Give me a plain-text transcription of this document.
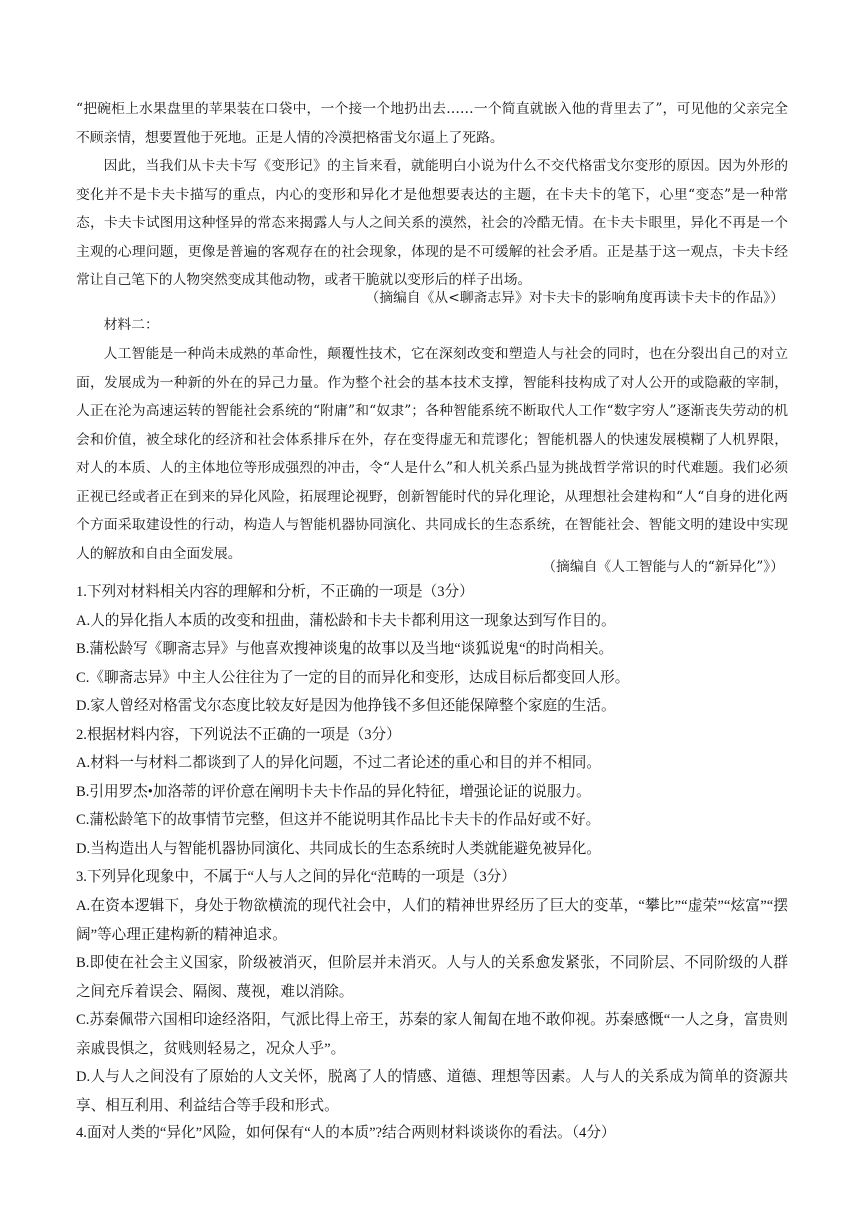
“把碗柜上水果盘里的苹果装在口袋中，一个接一个地扔出去……一个简直就嵌入他的背里去了”，可见他的父亲完全不顾亲情，想要置他于死地。正是人情的冷漠把格雷戈尔逼上了死路。

因此，当我们从卡夫卡写《变形记》的主旨来看，就能明白小说为什么不交代格雷戈尔变形的原因。因为外形的变化并不是卡夫卡描写的重点，内心的变形和异化才是他想要表达的主题，在卡夫卡的笔下，心里“变态”是一种常态，卡夫卡试图用这种怪异的常态来揭露人与人之间关系的漠然，社会的冷酷无情。在卡夫卡眼里，异化不再是一个主观的心理问题，更像是普遍的客观存在的社会现象，体现的是不可缓解的社会矛盾。正是基于这一观点，卡夫卡经常让自己笔下的人物突然变成其他动物，或者干脆就以变形后的样子出场。

（摘编自《从<聊斋志异》对卡夫卡的影响角度再读卡夫卡的作品》）

材料二：

人工智能是一种尚未成熟的革命性，颠覆性技术，它在深刻改变和塑造人与社会的同时，也在分裂出自己的对立面，发展成为一种新的外在的异己力量。作为整个社会的基本技术支撑，智能科技构成了对人公开的或隐蔽的宰制，人正在沦为高速运转的智能社会系统的“附庸”和“奴隶”；各种智能系统不断取代人工作“数字穷人”逐渐丧失劳动的机会和价值，被全球化的经济和社会体系排斥在外，存在变得虚无和荒谬化；智能机器人的快速发展模糊了人机界限，对人的本质、人的主体地位等形成强烈的冲击，令“人是什么”和人机关系凸显为挑战哲学常识的时代难题。我们必须正视已经或者正在到来的异化风险，拓展理论视野，创新智能时代的异化理论，从理想社会建构和“人“自身的进化两个方面采取建设性的行动，构造人与智能机器协同演化、共同成长的生态系统，在智能社会、智能文明的建设中实现人的解放和自由全面发展。

（摘编自《人工智能与人的“新异化”》）

1.下列对材料相关内容的理解和分析，不正确的一项是（3分）

A.人的异化指人本质的改变和扭曲，蒲松龄和卡夫卡都利用这一现象达到写作目的。

B.蒲松龄写《聊斋志异》与他喜欢搜神谈鬼的故事以及当地“谈狐说鬼“的时尚相关。

C.《聊斋志异》中主人公往往为了一定的目的而异化和变形，达成目标后都变回人形。

D.家人曾经对格雷戈尔态度比较友好是因为他挣钱不多但还能保障整个家庭的生活。

2.根据材料内容，下列说法不正确的一项是（3分）

A.材料一与材料二都谈到了人的异化问题，不过二者论述的重心和目的并不相同。

B.引用罗杰•加洛蒂的评价意在阐明卡夫卡作品的异化特征，增强论证的说服力。

C.蒲松龄笔下的故事情节完整，但这并不能说明其作品比卡夫卡的作品好或不好。

D.当构造出人与智能机器协同演化、共同成长的生态系统时人类就能避免被异化。

3.下列异化现象中，不属于“人与人之间的异化“范畴的一项是（3分）

A.在资本逻辑下，身处于物欲横流的现代社会中，人们的精神世界经历了巨大的变革，“攀比”“虚荣”“炫富”“摆阔”等心理正建构新的精神追求。

B.即使在社会主义国家，阶级被消灭，但阶层并未消灭。人与人的关系愈发紧张，不同阶层、不同阶级的人群之间充斥着误会、隔阂、蔑视，难以消除。

C.苏秦佩带六国相印途经洛阳，气派比得上帝王，苏秦的家人匍匐在地不敢仰视。苏秦感慨“一人之身，富贵则亲戚畏惧之，贫贱则轻易之，况众人乎”。

D.人与人之间没有了原始的人文关怀，脱离了人的情感、道德、理想等因素。人与人的关系成为简单的资源共享、相互利用、利益结合等手段和形式。

4.面对人类的“异化”风险，如何保有“人的本质”?结合两则材料谈谈你的看法。（4分）
